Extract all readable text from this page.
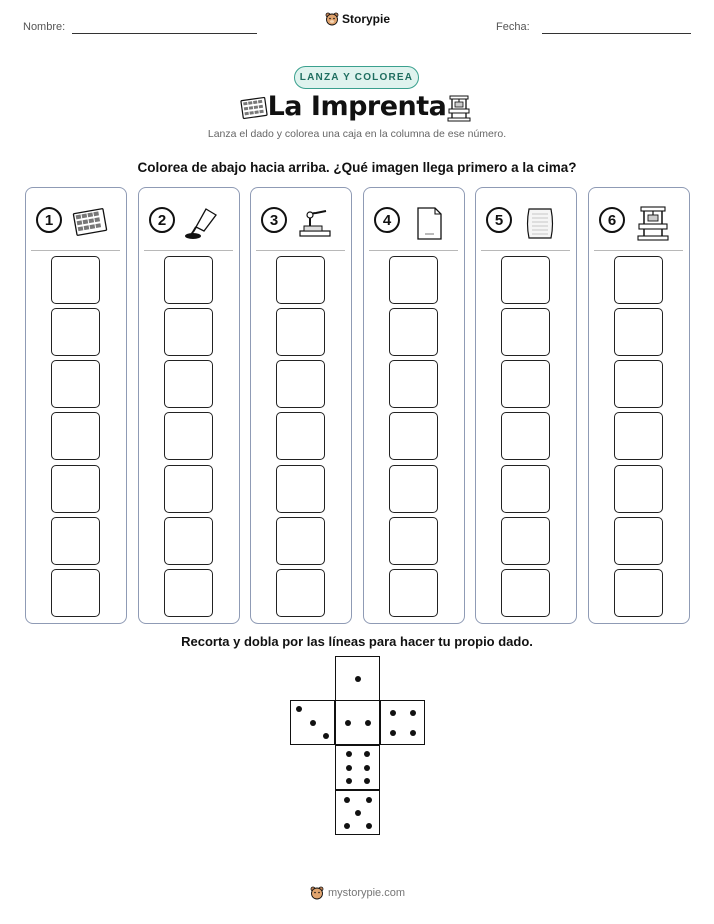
Nombre:
Storypie
Fecha:
LANZA Y COLOREA
La Imprenta
Lanza el dado y colorea una caja en la columna de ese número.
Colorea de abajo hacia arriba. ¿Qué imagen llega primero a la cima?
1	2	3	4	5	6
Recorta y dobla por las líneas para hacer tu propio dado.
mystorypie.com
